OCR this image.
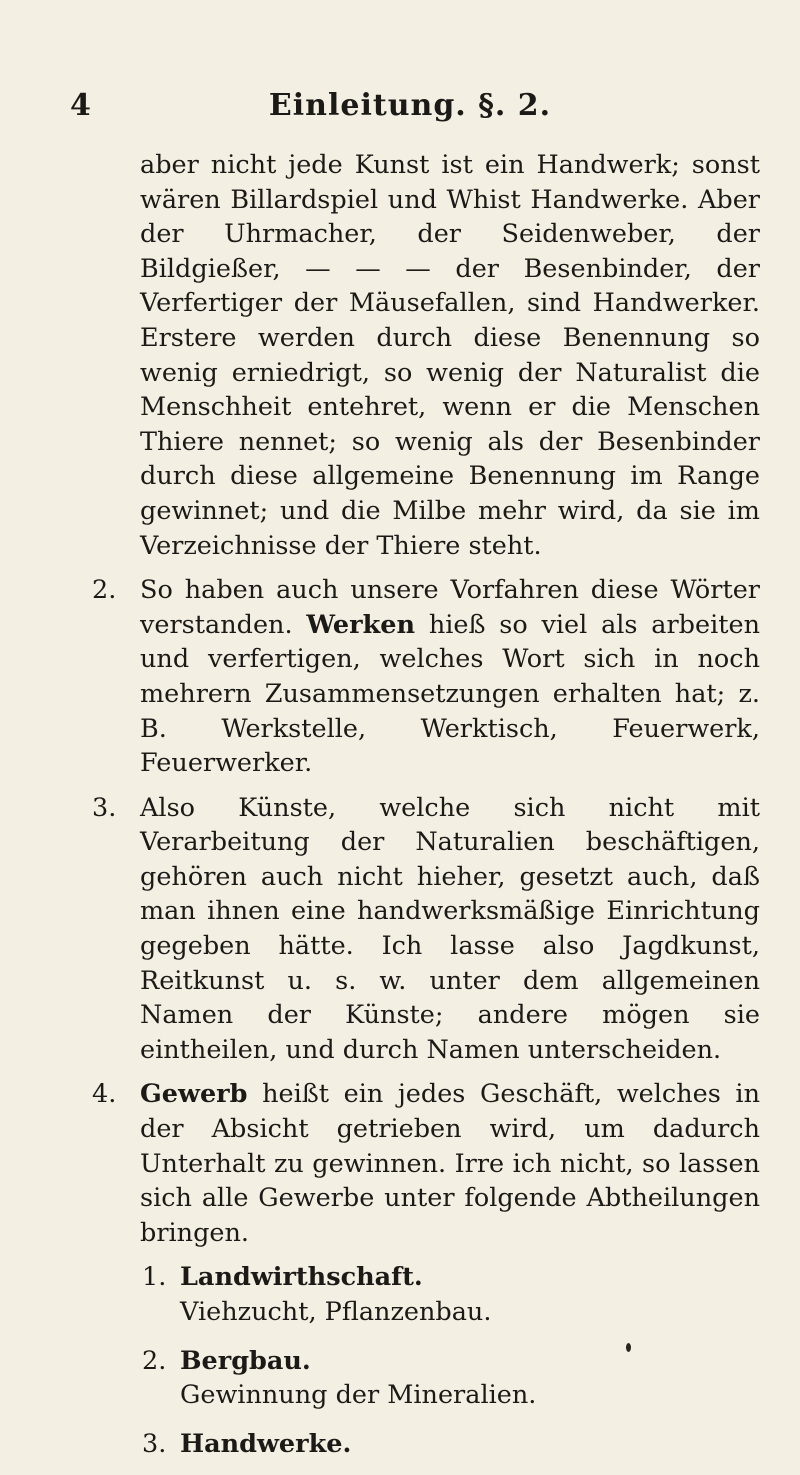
4	Einleitung. §. 2.

aber nicht jede Kunst ist ein Handwerk; sonst wären Billardspiel und Whist Handwerke. Aber der Uhrmacher, der Seidenweber, der Bildgießer, — — — der Besenbinder, der Verfertiger der Mäusefallen, sind Handwerker. Erstere werden durch diese Benennung so wenig erniedrigt, so wenig der Naturalist die Menschheit entehret, wenn er die Menschen Thiere nennet; so wenig als der Besenbinder durch diese allgemeine Benennung im Range gewinnet; und die Milbe mehr wird, da sie im Verzeichnisse der Thiere steht.

2. So haben auch unsere Vorfahren diese Wörter verstanden. Werken hieß so viel als arbeiten und verfertigen, welches Wort sich in noch mehrern Zusammensetzungen erhalten hat; z. B. Werkstelle, Werktisch, Feuerwerk, Feuerwerker.

3. Also Künste, welche sich nicht mit Verarbeitung der Naturalien beschäftigen, gehören auch nicht hieher, gesetzt auch, daß man ihnen eine handwerksmäßige Einrichtung gegeben hätte. Ich lasse also Jagdkunst, Reitkunst u. s. w. unter dem allgemeinen Namen der Künste; andere mögen sie eintheilen, und durch Namen unterscheiden.

4. Gewerb heißt ein jedes Geschäft, welches in der Absicht getrieben wird, um dadurch Unterhalt zu gewinnen. Irre ich nicht, so lassen sich alle Gewerbe unter folgende Abtheilungen bringen.

1. Landwirthschaft.
Viehzucht, Pflanzenbau.
2. Bergbau.
Gewinnung der Mineralien.
3. Handwerke.
